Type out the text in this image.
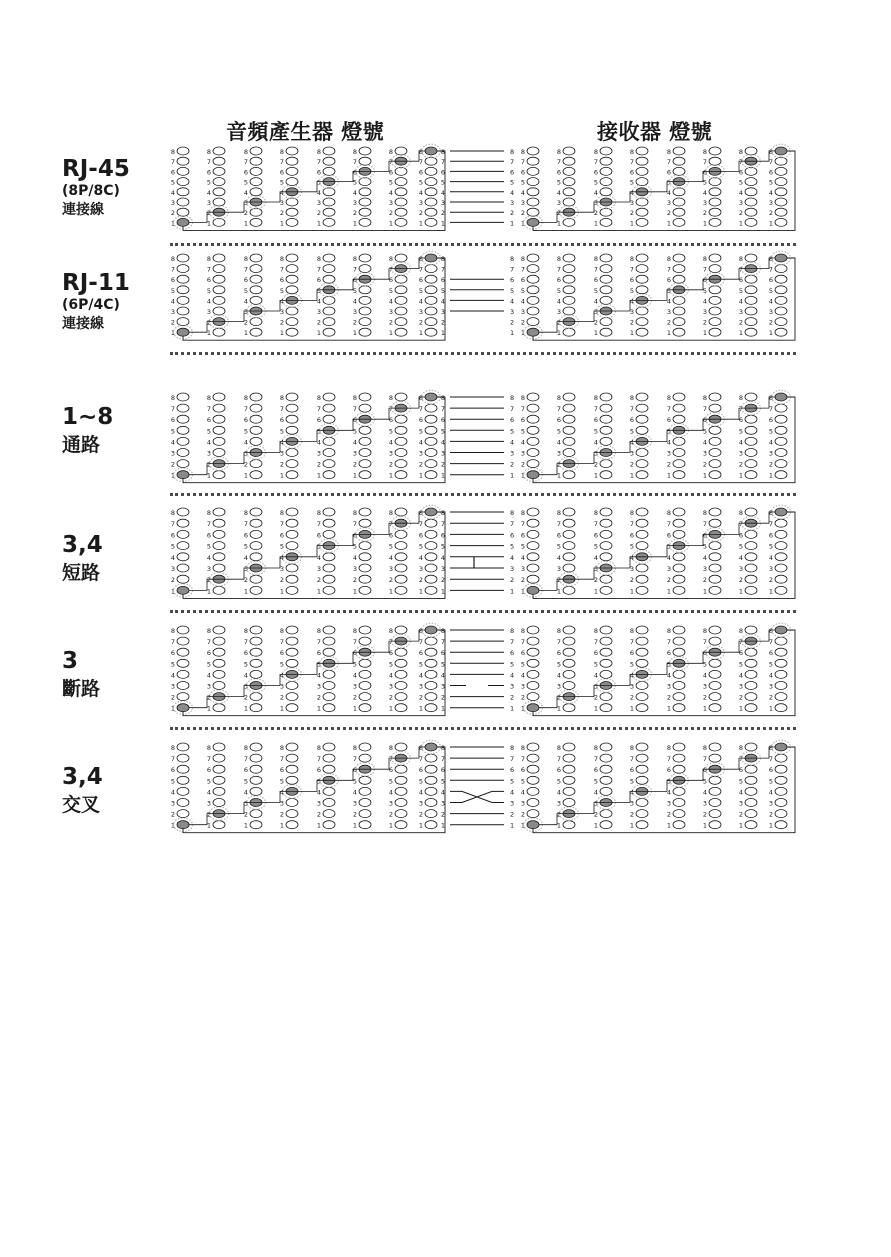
音頻產生器 燈號	接收器 燈號
RJ-45
(8P/8C)
連接線
RJ-11
(6P/4C)
連接線
1~8
通路
3,4
短路
3
斷路
3,4
交叉
1
2
3
4
5
6
7
8
1
2
3
4
5
6
7
8
1
2
3
4
5
6
7
8
1
2
3
4
5
6
7
8
1
2
3
4
5
6
7
8
1
2
3
4
5
6
7
8
1
2
3
4
5
6
7
8
1
2
3
4
5
6
7
8
1
2
3
4
5
6
7
8
1
2
3
4
5
6
7
8
1
2
3
4
5
6
7
8
1
2
3
4
5
6
7
8
1
2
3
4
5
6
7
8
1
2
3
4
5
6
7
8
1
2
3
4
5
6
7
8
1
2
3
4
5
6
7
8
1	1
2	2
3	3
4	4
5	5
6	6
7	7
8	8
1
2
3
4
5
6
7
8
1
2
3
4
5
6
7
8
1
2
3
4
5
6
7
8
1
2
3
4
5
6
7
8
1
2
3
4
5
6
7
8
1
2
3
4
5
6
7
8
1
2
3
4
5
6
7
8
1
2
3
4
5
6
7
8
1
2
3
4
5
6
7
8
1
2
3
4
5
6
7
8
1
2
3
4
5
6
7
8
1
2
3
4
5
6
7
8
1
2
3
4
5
6
7
8
1
2
3
4
5
6
7
8
1
2
3
4
5
6
7
8
1
2
3
4
5
6
7
8
1	1
2	2
3	3
4	4
5	5
6	6
7	7
8	8
1
2
3
4
5
6
7
8
1
2
3
4
5
6
7
8
1
2
3
4
5
6
7
8
1
2
3
4
5
6
7
8
1
2
3
4
5
6
7
8
1
2
3
4
5
6
7
8
1
2
3
4
5
6
7
8
1
2
3
4
5
6
7
8
1
2
3
4
5
6
7
8
1
2
3
4
5
6
7
8
1
2
3
4
5
6
7
8
1
2
3
4
5
6
7
8
1
2
3
4
5
6
7
8
1
2
3
4
5
6
7
8
1
2
3
4
5
6
7
8
1
2
3
4
5
6
7
8
1	1
2	2
3	3
4	4
5	5
6	6
7	7
8	8
1
2
3
4
5
6
7
8
1
2
3
4
5
6
7
8
1
2
3
4
5
6
7
8
1
2
3
4
5
6
7
8
1
2
3
4
5
6
7
8
1
2
3
4
5
6
7
8
1
2
3
4
5
6
7
8
1
2
3
4
5
6
7
8
1
2
3
4
5
6
7
8
1
2
3
4
5
6
7
8
1
2
3
4
5
6
7
8
1
2
3
4
5
6
7
8
1
2
3
4
5
6
7
8
1
2
3
4
5
6
7
8
1
2
3
4
5
6
7
8
1
2
3
4
5
6
7
8
1	1
2	2
3	3
4	4
5	5
6	6
7	7
8	8
1
2
3
4
5
6
7
8
1
2
3
4
5
6
7
8
1
2
3
4
5
6
7
8
1
2
3
4
5
6
7
8
1
2
3
4
5
6
7
8
1
2
3
4
5
6
7
8
1
2
3
4
5
6
7
8
1
2
3
4
5
6
7
8
1
2
3
4
5
6
7
8
1
2
3
4
5
6
7
8
1
2
3
4
5
6
7
8
1
2
3
4
5
6
7
8
1
2
3
4
5
6
7
8
1
2
3
4
5
6
7
8
1
2
3
4
5
6
7
8
1
2
3
4
5
6
7
8
1	1
2	2
3	3
4	4
5	5
6	6
7	7
8	8
1
2
3
4
5
6
7
8
1
2
3
4
5
6
7
8
1
2
3
4
5
6
7
8
1
2
3
4
5
6
7
8
1
2
3
4
5
6
7
8
1
2
3
4
5
6
7
8
1
2
3
4
5
6
7
8
1
2
3
4
5
6
7
8
1
2
3
4
5
6
7
8
1
2
3
4
5
6
7
8
1
2
3
4
5
6
7
8
1
2
3
4
5
6
7
8
1
2
3
4
5
6
7
8
1
2
3
4
5
6
7
8
1
2
3
4
5
6
7
8
1
2
3
4
5
6
7
8
1	1
2	2
3	3
4	4
5	5
6	6
7	7
8	8
